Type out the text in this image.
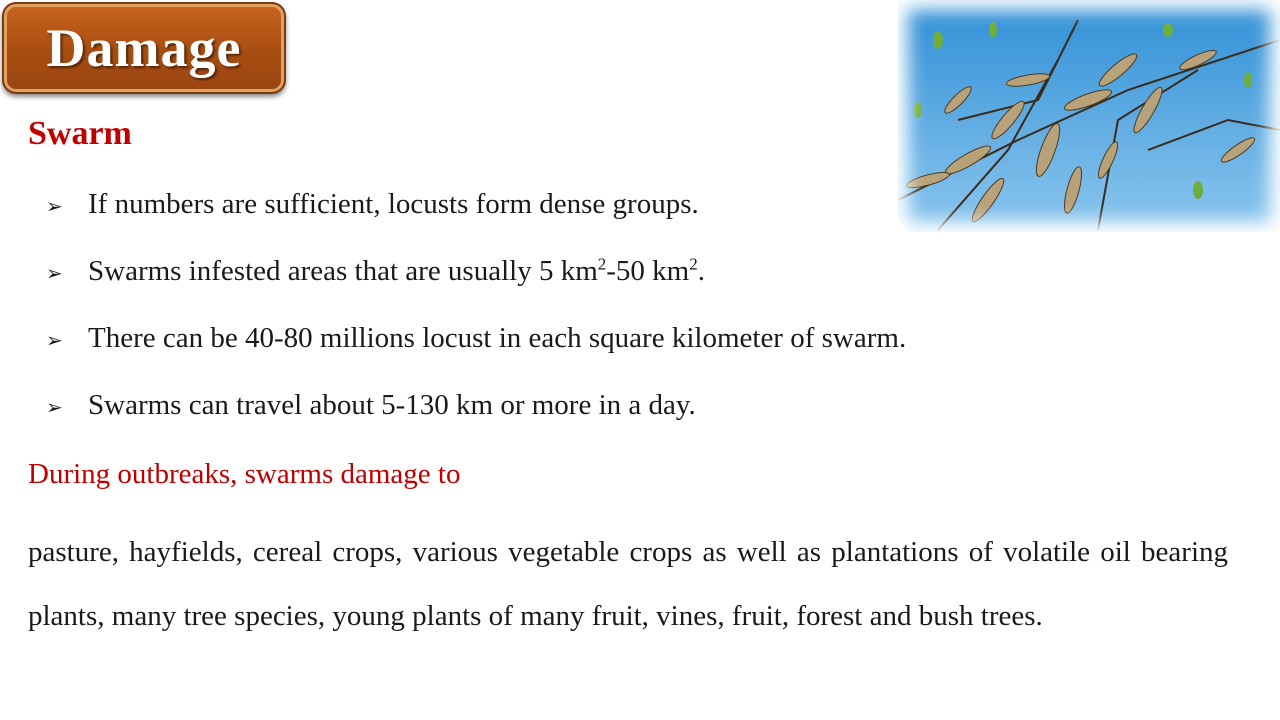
Damage
Swarm
➢ If numbers are sufficient, locusts form dense groups.
➢ Swarms infested areas that are usually 5 $km^2-50$ $km^2$.
➢ There can be 40-80 millions locust in each square kilometer of swarm.
➢ Swarms can travel about 5-130 km or more in a day.
During outbreaks, swarms damage to

pasture, hayfields, cereal crops, various vegetable crops as well as plantations of volatile oil bearing plants, many tree species, young plants of many fruit, vines, fruit, forest and bush trees.
